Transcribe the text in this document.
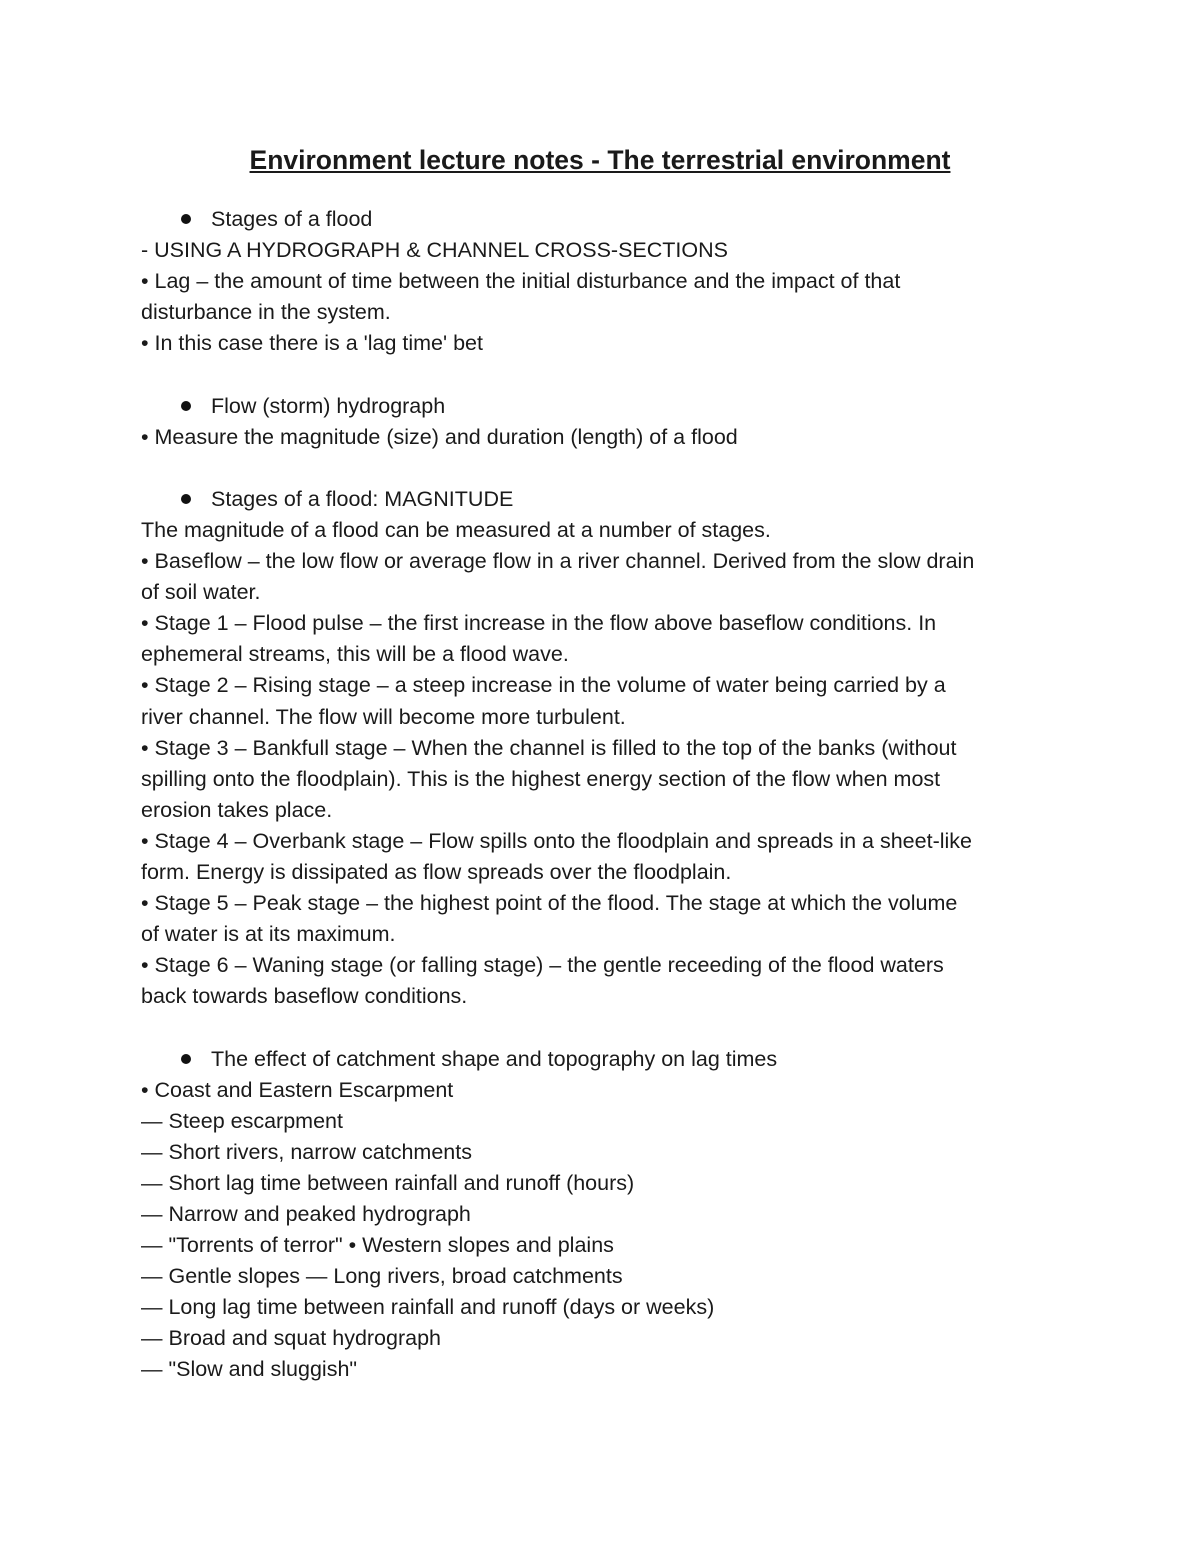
Environment lecture notes - The terrestrial environment

Stages of a flood

- USING A HYDROGRAPH & CHANNEL CROSS-SECTIONS

• Lag – the amount of time between the initial disturbance and the impact of that

disturbance in the system.

• In this case there is a 'lag time' bet

Flow (storm) hydrograph

• Measure the magnitude (size) and duration (length) of a flood

Stages of a flood: MAGNITUDE

The magnitude of a flood can be measured at a number of stages.

• Baseflow – the low flow or average flow in a river channel. Derived from the slow drain

of soil water.

• Stage 1 – Flood pulse – the first increase in the flow above baseflow conditions. In

ephemeral streams, this will be a flood wave.

• Stage 2 – Rising stage – a steep increase in the volume of water being carried by a

river channel. The flow will become more turbulent.

• Stage 3 – Bankfull stage – When the channel is filled to the top of the banks (without

spilling onto the floodplain). This is the highest energy section of the flow when most

erosion takes place.

• Stage 4 – Overbank stage – Flow spills onto the floodplain and spreads in a sheet-like

form. Energy is dissipated as flow spreads over the floodplain.

• Stage 5 – Peak stage – the highest point of the flood. The stage at which the volume

of water is at its maximum.

• Stage 6 – Waning stage (or falling stage) – the gentle receeding of the flood waters

back towards baseflow conditions.

The effect of catchment shape and topography on lag times

• Coast and Eastern Escarpment

— Steep escarpment

— Short rivers, narrow catchments

— Short lag time between rainfall and runoff (hours)

— Narrow and peaked hydrograph

— "Torrents of terror" • Western slopes and plains

— Gentle slopes — Long rivers, broad catchments

— Long lag time between rainfall and runoff (days or weeks)

— Broad and squat hydrograph

— "Slow and sluggish"
